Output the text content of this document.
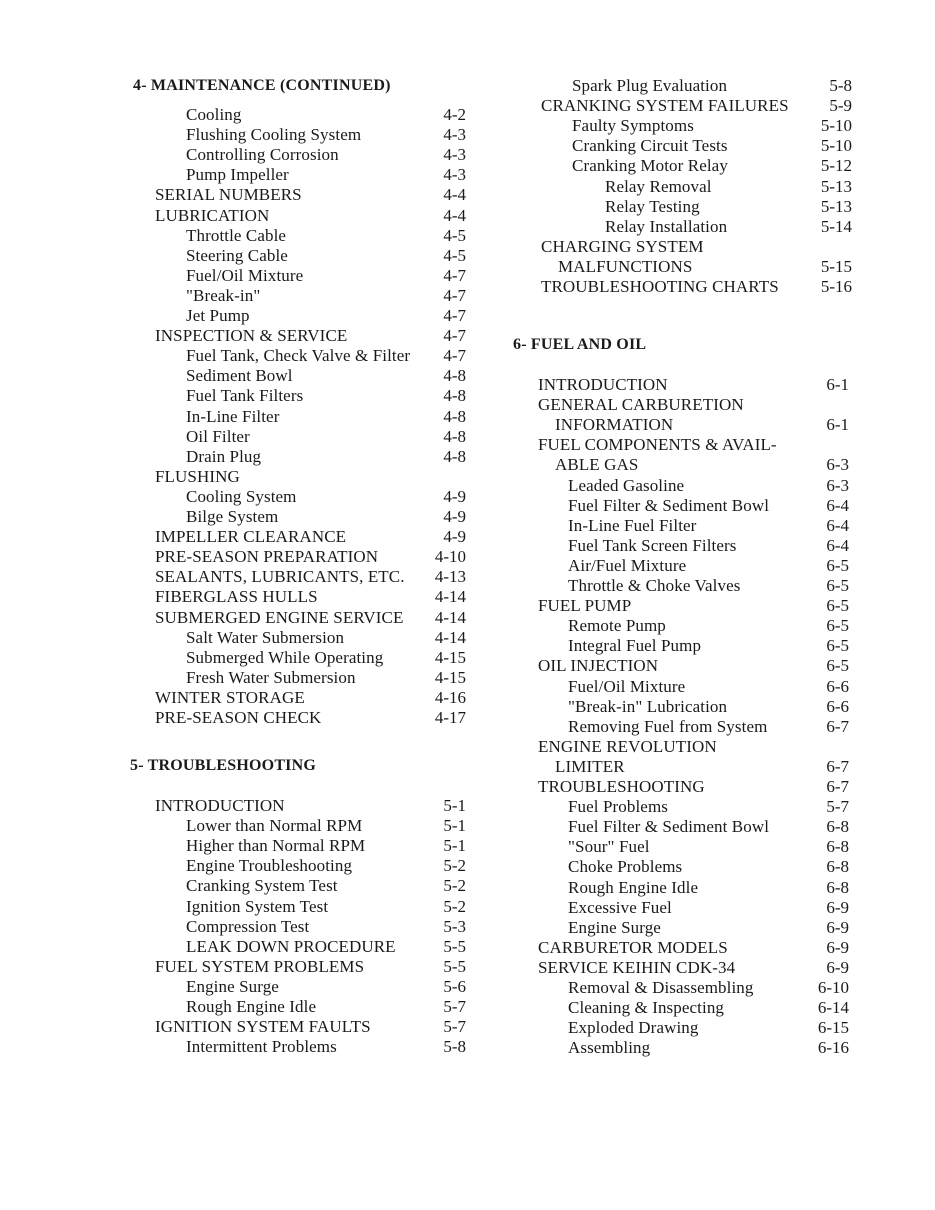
4- MAINTENANCE (CONTINUED)
Cooling	4-2
Flushing Cooling System	4-3
Controlling Corrosion	4-3
Pump Impeller	4-3
SERIAL NUMBERS	4-4
LUBRICATION	4-4
Throttle Cable	4-5
Steering Cable	4-5
Fuel/Oil Mixture	4-7
"Break-in"	4-7
Jet Pump	4-7
INSPECTION & SERVICE	4-7
Fuel Tank, Check Valve & Filter 4-7
Sediment Bowl	4-8
Fuel Tank Filters	4-8
In-Line Filter	4-8
Oil Filter	4-8
Drain Plug	4-8
FLUSHING
Cooling System	4-9
Bilge System	4-9
IMPELLER CLEARANCE	4-9
PRE-SEASON PREPARATION	4-10
SEALANTS, LUBRICANTS, ETC. 4-13
FIBERGLASS HULLS	4-14
SUBMERGED ENGINE SERVICE 4-14
Salt Water Submersion	4-14
Submerged While Operating	4-15
Fresh Water Submersion	4-15
WINTER STORAGE	4-16
PRE-SEASON CHECK	4-17
5- TROUBLESHOOTING
INTRODUCTION	5-1
Lower than Normal RPM	5-1
Higher than Normal RPM	5-1
Engine Troubleshooting	5-2
Cranking System Test	5-2
Ignition System Test	5-2
Compression Test	5-3
LEAK DOWN PROCEDURE	5-5
FUEL SYSTEM PROBLEMS	5-5
Engine Surge	5-6
Rough Engine Idle	5-7
IGNITION SYSTEM FAULTS	5-7
Intermittent Problems	5-8
Spark Plug Evaluation	5-8
CRANKING SYSTEM FAILURES 5-9
Faulty Symptoms	5-10
Cranking Circuit Tests	5-10
Cranking Motor Relay	5-12
Relay Removal	5-13
Relay Testing	5-13
Relay Installation	5-14
CHARGING SYSTEM
MALFUNCTIONS	5-15
TROUBLESHOOTING CHARTS 5-16
6- FUEL AND OIL
INTRODUCTION	6-1
GENERAL CARBURETION
INFORMATION	6-1
FUEL COMPONENTS & AVAIL-
ABLE GAS	6-3
Leaded Gasoline	6-3
Fuel Filter & Sediment Bowl	6-4
In-Line Fuel Filter	6-4
Fuel Tank Screen Filters	6-4
Air/Fuel Mixture	6-5
Throttle & Choke Valves	6-5
FUEL PUMP	6-5
Remote Pump	6-5
Integral Fuel Pump	6-5
OIL INJECTION	6-5
Fuel/Oil Mixture	6-6
"Break-in" Lubrication	6-6
Removing Fuel from System	6-7
ENGINE REVOLUTION
LIMITER	6-7
TROUBLESHOOTING	6-7
Fuel Problems	5-7
Fuel Filter & Sediment Bowl	6-8
"Sour" Fuel	6-8
Choke Problems	6-8
Rough Engine Idle	6-8
Excessive Fuel	6-9
Engine Surge	6-9
CARBURETOR MODELS	6-9
SERVICE KEIHIN CDK-34	6-9
Removal & Disassembling	6-10
Cleaning & Inspecting	6-14
Exploded Drawing	6-15
Assembling	6-16
